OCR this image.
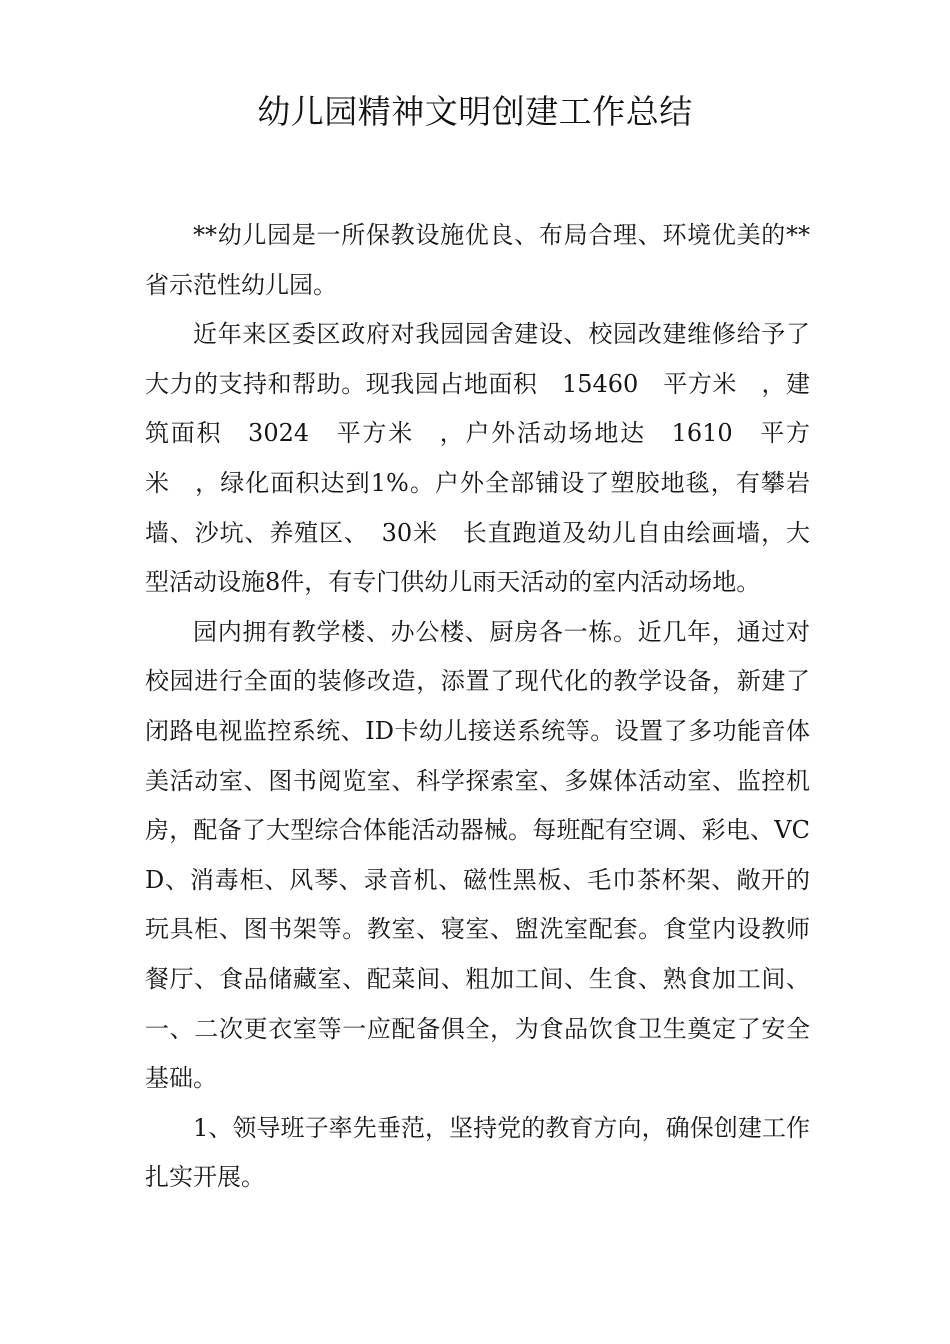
幼儿园精神文明创建工作总结

**幼儿园是一所保教设施优良、布局合理、环境优美的**省示范性幼儿园。

近年来区委区政府对我园园舍建设、校园改建维修给予了大力的支持和帮助。现我园占地面积　15460　平方米　，建筑面积　3024　平方米　，户外活动场地达　1610　平方米　，绿化面积达到1%。户外全部铺设了塑胶地毯，有攀岩墙、沙坑、养殖区、　30米　长直跑道及幼儿自由绘画墙，大型活动设施8件，有专门供幼儿雨天活动的室内活动场地。

园内拥有教学楼、办公楼、厨房各一栋。近几年，通过对校园进行全面的装修改造，添置了现代化的教学设备，新建了闭路电视监控系统、ID卡幼儿接送系统等。设置了多功能音体美活动室、图书阅览室、科学探索室、多媒体活动室、监控机房，配备了大型综合体能活动器械。每班配有空调、彩电、VCD、消毒柜、风琴、录音机、磁性黑板、毛巾茶杯架、敞开的玩具柜、图书架等。教室、寝室、盥洗室配套。食堂内设教师餐厅、食品储藏室、配菜间、粗加工间、生食、熟食加工间、一、二次更衣室等一应配备俱全，为食品饮食卫生奠定了安全基础。

1、领导班子率先垂范，坚持党的教育方向，确保创建工作扎实开展。
